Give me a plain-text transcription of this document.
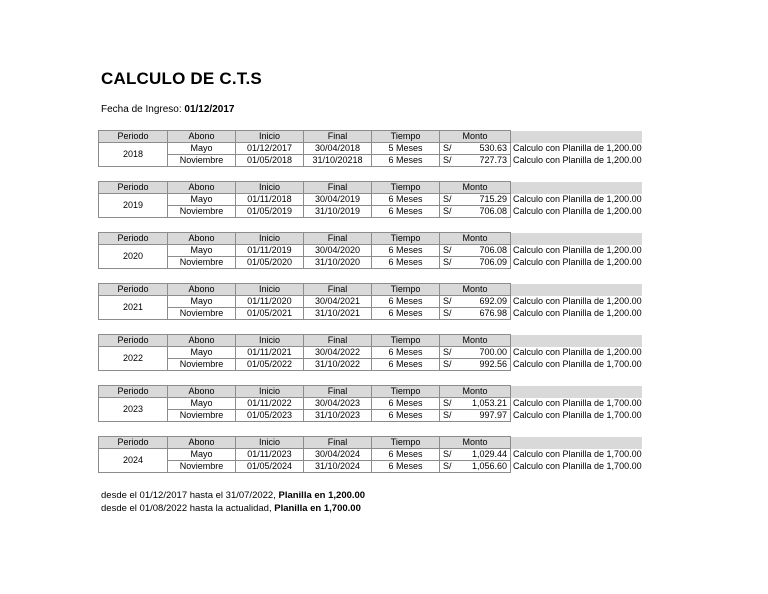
CALCULO DE C.T.S
Fecha de Ingreso: 01/12/2017
Periodo	Abono	Inicio	Final	Tiempo	Monto		
2018	Mayo	01/12/2017	30/04/2018	5 Meses	S/	530.63	Calculo con Planilla de 1,200.00
	Noviembre	01/05/2018	31/10/20218	6 Meses	S/	727.73	Calculo con Planilla de 1,200.00
Periodo	Abono	Inicio	Final	Tiempo	Monto		
2019	Mayo	01/11/2018	30/04/2019	6 Meses	S/	715.29	Calculo con Planilla de 1,200.00
	Noviembre	01/05/2019	31/10/2019	6 Meses	S/	706.08	Calculo con Planilla de 1,200.00
Periodo	Abono	Inicio	Final	Tiempo	Monto		
2020	Mayo	01/11/2019	30/04/2020	6 Meses	S/	706.08	Calculo con Planilla de 1,200.00
	Noviembre	01/05/2020	31/10/2020	6 Meses	S/	706.09	Calculo con Planilla de 1,200.00
Periodo	Abono	Inicio	Final	Tiempo	Monto		
2021	Mayo	01/11/2020	30/04/2021	6 Meses	S/	692.09	Calculo con Planilla de 1,200.00
	Noviembre	01/05/2021	31/10/2021	6 Meses	S/	676.98	Calculo con Planilla de 1,200.00
Periodo	Abono	Inicio	Final	Tiempo	Monto		
2022	Mayo	01/11/2021	30/04/2022	6 Meses	S/	700.00	Calculo con Planilla de 1,200.00
	Noviembre	01/05/2022	31/10/2022	6 Meses	S/	992.56	Calculo con Planilla de 1,700.00
Periodo	Abono	Inicio	Final	Tiempo	Monto		
2023	Mayo	01/11/2022	30/04/2023	6 Meses	S/	1,053.21	Calculo con Planilla de 1,700.00
	Noviembre	01/05/2023	31/10/2023	6 Meses	S/	997.97	Calculo con Planilla de 1,700.00
Periodo	Abono	Inicio	Final	Tiempo	Monto		
2024	Mayo	01/11/2023	30/04/2024	6 Meses	S/	1,029.44	Calculo con Planilla de 1,700.00
	Noviembre	01/05/2024	31/10/2024	6 Meses	S/	1,056.60	Calculo con Planilla de 1,700.00
desde el 01/12/2017 hasta el 31/07/2022, Planilla en 1,200.00
desde el 01/08/2022 hasta la actualidad, Planilla en 1,700.00
